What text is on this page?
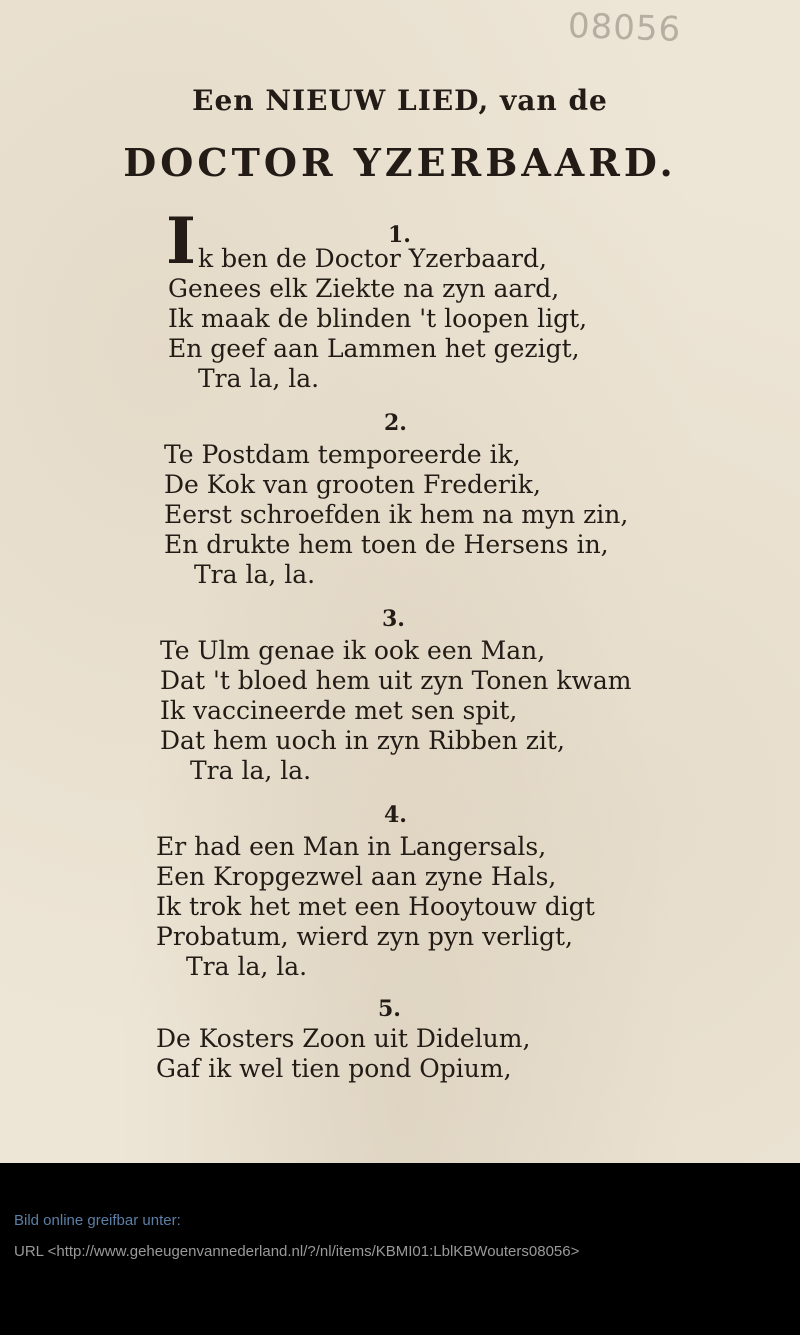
08056
Een NIEUW LIED, van de
DOCTOR YZERBAARD.
1.
I k ben de Doctor Yzerbaard,
Genees elk Ziekte na zyn aard,
Ik maak de blinden 't loopen ligt,
En geef aan Lammen het gezigt,
Tra la, la.
2.
Te Postdam temporeerde ik,
De Kok van grooten Frederik,
Eerst schroefden ik hem na myn zin,
En drukte hem toen de Hersens in,
Tra la, la.
3.
Te Ulm genae ik ook een Man,
Dat 't bloed hem uit zyn Tonen kwam
Ik vaccineerde met sen spit,
Dat hem uoch in zyn Ribben zit,
Tra la, la.
4.
Er had een Man in Langersals,
Een Kropgezwel aan zyne Hals,
Ik trok het met een Hooytouw digt
Probatum, wierd zyn pyn verligt,
Tra la, la.
5.
De Kosters Zoon uit Didelum,
Gaf ik wel tien pond Opium,
Bild online greifbar unter:
URL <http://www.geheugenvannederland.nl/?/nl/items/KBMI01:LblKBWouters08056>
